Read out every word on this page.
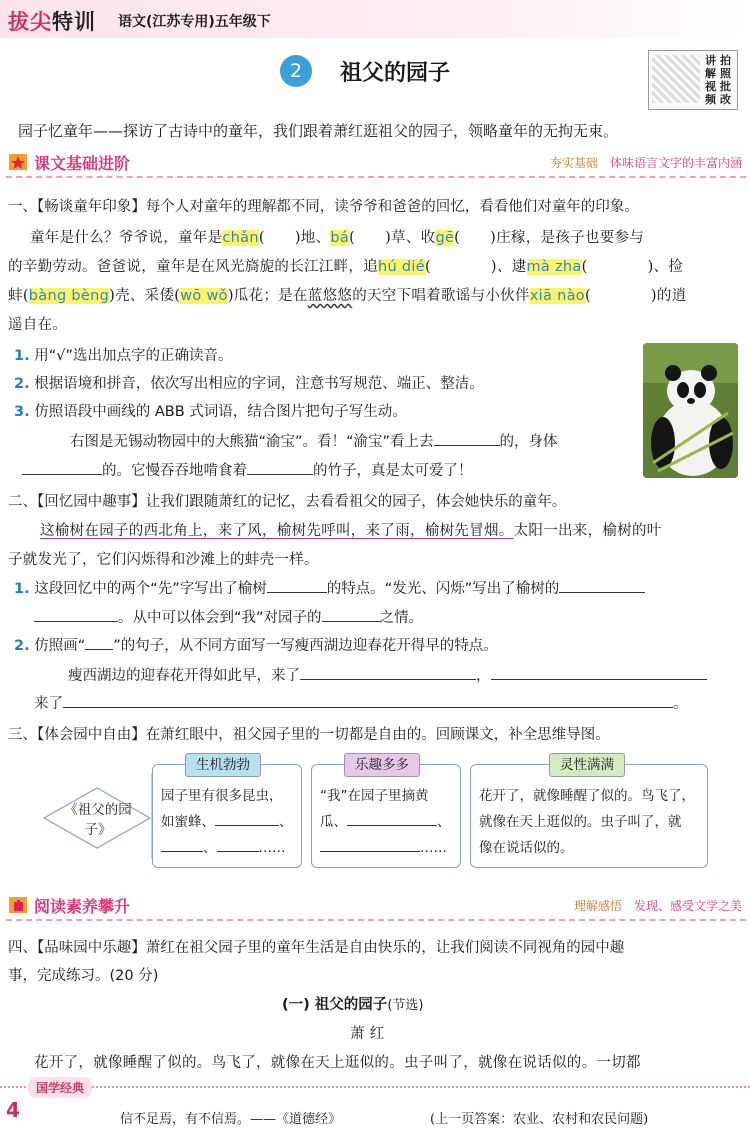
拔尖特训 语文(江苏专用)五年级下
2	祖父的园子
讲解视频
拍照批改
园子忆童年——探访了古诗中的童年，我们跟着萧红逛祖父的园子，领略童年的无拘无束。
课文基础进阶	夯实基础 体味语言文字的丰富内涵
一、【畅谈童年印象】每个人对童年的理解都不同，读爷爷和爸爸的回忆，看看他们对童年的印象。
童年是什么？爷爷说，童年是chǎn( )地、bá( )草、收gē( )庄稼，是孩子也要参与
的辛勤劳动。爸爸说，童年是在风光旖旎的长江江畔，追hú dié(	)、逮mà zha(	)、捡
蚌(bàng bèng)壳、采倭(wō wǒ)瓜花；是在蓝悠悠的天空下唱着歌谣与小伙伴xiā nào(	)的逍
遥自在。
1. 用“√”选出加点字的正确读音。
2. 根据语境和拼音，依次写出相应的字词，注意书写规范、端正、整洁。
3. 仿照语段中画线的 ABB 式词语，结合图片把句子写生动。
右图是无锡动物园中的大熊猫“渝宝”。看！“渝宝”看上去	的，身体
的。它慢吞吞地啃食着	的竹子，真是太可爱了！
二、【回忆园中趣事】让我们跟随萧红的记忆，去看看祖父的园子，体会她快乐的童年。
这榆树在园子的西北角上，来了风，榆树先呼叫，来了雨，榆树先冒烟。太阳一出来，榆树的叶
子就发光了，它们闪烁得和沙滩上的蚌壳一样。
1. 这段回忆中的两个“先”字写出了榆树	的特点。“发光、闪烁”写出了榆树的
。从中可以体会到“我”对园子的	之情。
2. 仿照画“ ”的句子，从不同方面写一写瘦西湖边迎春花开得早的特点。
瘦西湖边的迎春花开得如此早，来了	，
来了	。
三、【体会园中自由】在萧红眼中，祖父园子里的一切都是自由的。回顾课文，补全思维导图。
《祖父的园子》
生机勃勃
园子里有很多昆虫，
如蜜蜂、	、
、	……
乐趣多多
“我”在园子里摘黄
瓜、	、
……
灵性满满
花开了，就像睡醒了似的。鸟飞了，
就像在天上逛似的。虫子叫了，就
像在说话似的。
阅读素养攀升	理解感悟 发现、感受文学之美
四、【品味园中乐趣】萧红在祖父园子里的童年生活是自由快乐的，让我们阅读不同视角的园中趣
事，完成练习。(20 分)
(一) 祖父的园子(节选)
萧 红
花开了，就像睡醒了似的。鸟飞了，就像在天上逛似的。虫子叫了，就像在说话似的。一切都
国学经典
4	信不足焉，有不信焉。——《道德经》	(上一页答案：农业、农村和农民问题)
